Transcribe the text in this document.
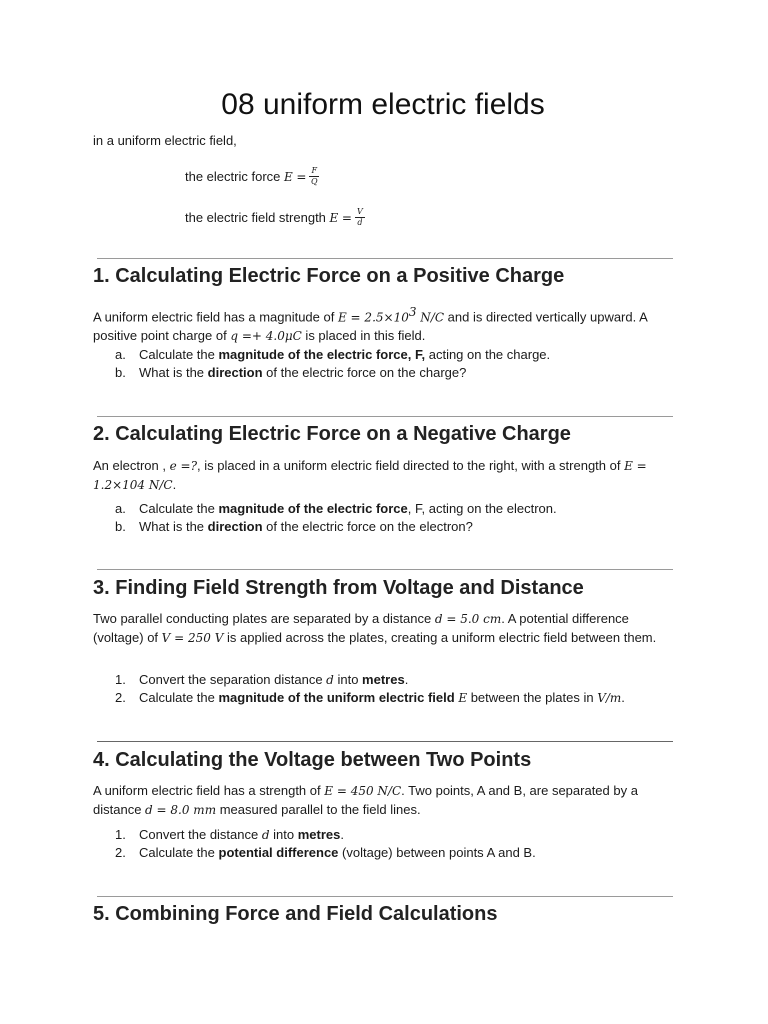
08 uniform electric fields
in a uniform electric field,
the electric force
E
= $\frac{F}{Q}$
the electric field strength
E
= $\frac{V}{d}$
1. Calculating Electric Force on a Positive Charge

A uniform electric field has a magnitude of $E = 2.5\times 10^3$ N/C and is directed vertically upward. A positive point charge of q =+ 4.0μC is placed in this field.

a. Calculate the magnitude of the electric force, F, acting on the charge.
b. What is the direction of the electric force on the charge?
2. Calculating Electric Force on a Negative Charge

An electron , e =?, is placed in a uniform electric field directed to the right, with a strength of E = 1.2×104 N/C.

a. Calculate the magnitude of the electric force, F, acting on the electron.
b. What is the direction of the electric force on the electron?
3. Finding Field Strength from Voltage and Distance

Two parallel conducting plates are separated by a distance d = 5.0 cm. A potential difference (voltage) of V = 250 V is applied across the plates, creating a uniform electric field between them.

1. Convert the separation distance d into metres.
2. Calculate the magnitude of the uniform electric field E between the plates in V/m.
4. Calculating the Voltage between Two Points

A uniform electric field has a strength of E = 450 N/C. Two points, A and B, are separated by a distance d = 8.0 mm measured parallel to the field lines.

1. Convert the distance d into metres.
2. Calculate the potential difference (voltage) between points A and B.
5. Combining Force and Field Calculations
